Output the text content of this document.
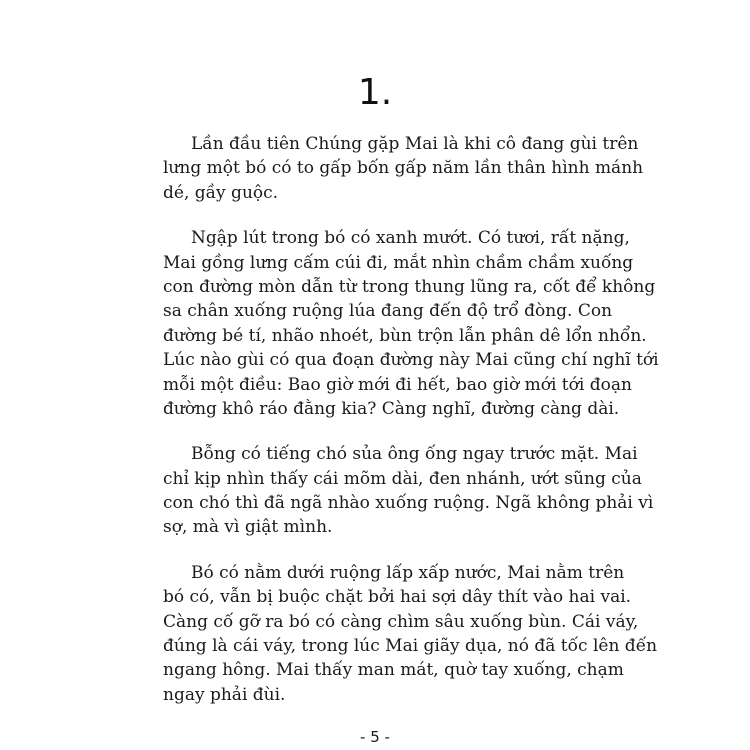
1.
Lần đầu tiên Chúng gặp Mai là khi cô đang gùi trên
lưng một bó có to gấp bốn gấp năm lần thân hình mánh
dé, gầy guộc.
Ngập lút trong bó có xanh mướt. Có tươi, rất nặng,
Mai gồng lưng cấm cúi đi, mắt nhìn chầm chầm xuống
con đường mòn dẫn từ trong thung lũng ra, cốt để không
sa chân xuống ruộng lúa đang đến độ trổ đòng. Con
đường bé tí, nhão nhoét, bùn trộn lẫn phân dê lổn nhổn.
Lúc nào gùi có qua đoạn đường này Mai cũng chí nghĩ tới
mỗi một điều: Bao giờ mới đi hết, bao giờ mới tới đoạn
đường khô ráo đằng kia? Càng nghĩ, đường càng dài.
Bỗng có tiếng chó sủa ông ống ngay trước mặt. Mai
chỉ kịp nhìn thấy cái mõm dài, đen nhánh, ướt sũng của
con chó thì đã ngã nhào xuống ruộng. Ngã không phải vì
sợ, mà vì giật mình.
Bó có nằm dưới ruộng lấp xấp nước, Mai nằm trên
bó có, vẫn bị buộc chặt bởi hai sợi dây thít vào hai vai.
Càng cố gỡ ra bó có càng chìm sâu xuống bùn. Cái váy,
đúng là cái váy, trong lúc Mai giãy dụa, nó đã tốc lên đến
ngang hông. Mai thấy man mát, quờ tay xuống, chạm
ngay phải đùi.
- 5 -
